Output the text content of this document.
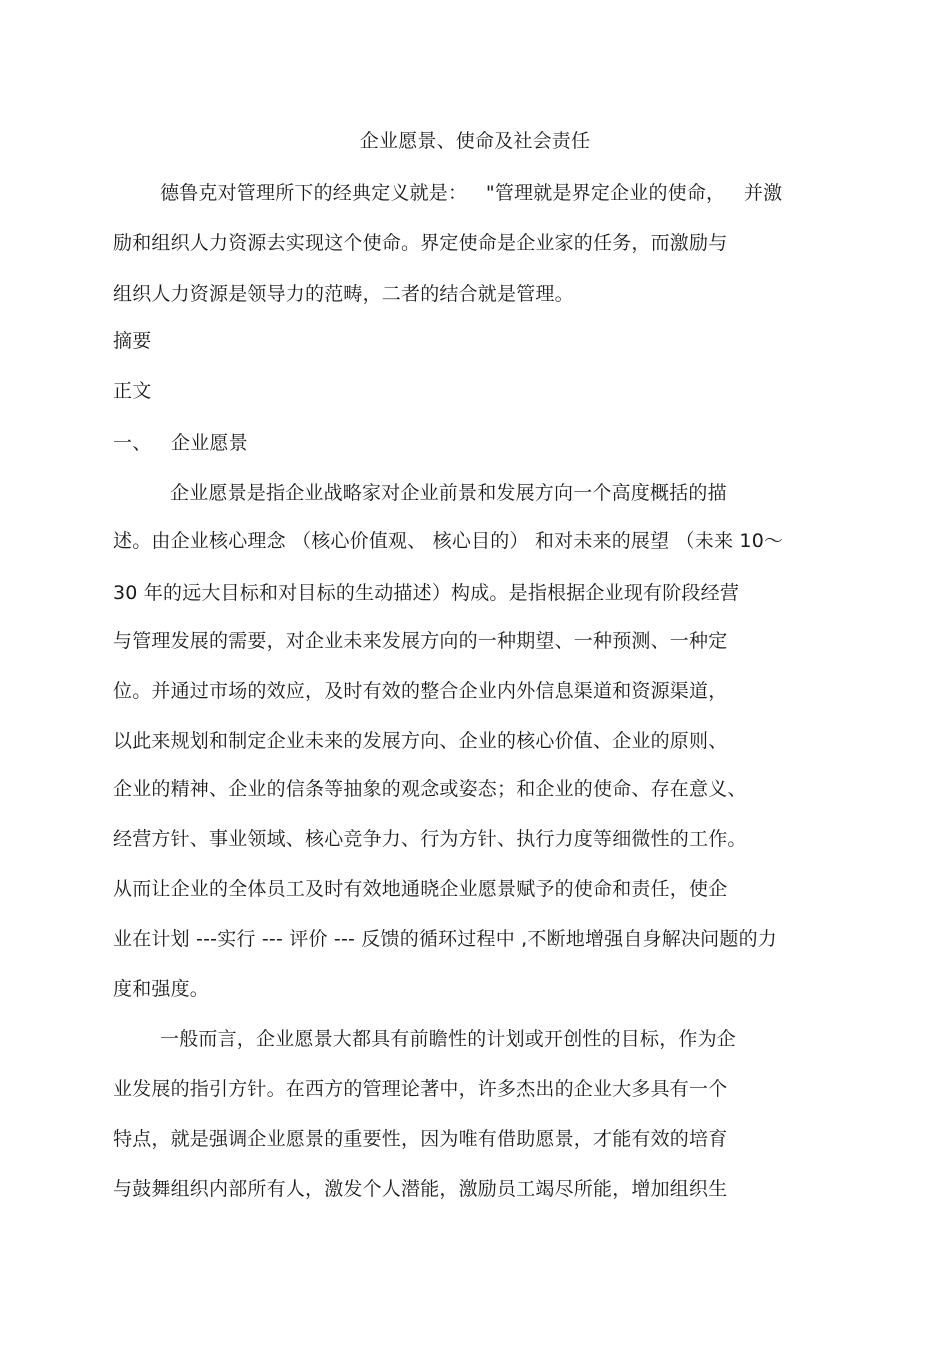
企业愿景、使命及社会责任
德鲁克对管理所下的经典定义就是：   "管理就是界定企业的使命，   并激
励和组织人力资源去实现这个使命。界定使命是企业家的任务，而激励与
组织人力资源是领导力的范畴，二者的结合就是管理。
摘要
正文
一、 企业愿景
企业愿景是指企业战略家对企业前景和发展方向一个高度概括的描
述。由企业核心理念 （核心价值观、 核心目的） 和对未来的展望 （未来 10～
30 年的远大目标和对目标的生动描述）构成。是指根据企业现有阶段经营
与管理发展的需要，对企业未来发展方向的一种期望、一种预测、一种定
位。并通过市场的效应，及时有效的整合企业内外信息渠道和资源渠道，
以此来规划和制定企业未来的发展方向、企业的核心价值、企业的原则、
企业的精神、企业的信条等抽象的观念或姿态；和企业的使命、存在意义、
经营方针、事业领域、核心竞争力、行为方针、执行力度等细微性的工作。
从而让企业的全体员工及时有效地通晓企业愿景赋予的使命和责任，使企
业在计划 ---实行 --- 评价 --- 反馈的循环过程中 ,不断地增强自身解决问题的力
度和强度。
一般而言，企业愿景大都具有前瞻性的计划或开创性的目标，作为企
业发展的指引方针。在西方的管理论著中，许多杰出的企业大多具有一个
特点，就是强调企业愿景的重要性，因为唯有借助愿景，才能有效的培育
与鼓舞组织内部所有人，激发个人潜能，激励员工竭尽所能，增加组织生
